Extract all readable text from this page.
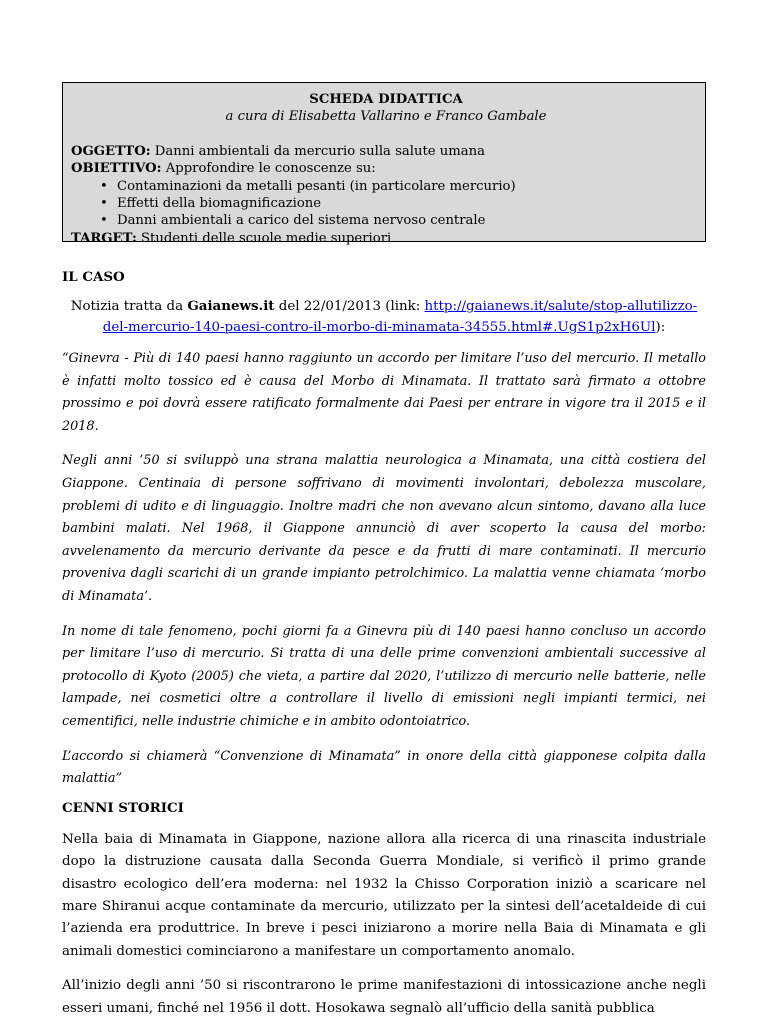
SCHEDA DIDATTICA
a cura di Elisabetta Vallarino e Franco Gambale
OGGETTO: Danni ambientali da mercurio sulla salute umana
OBIETTIVO: Approfondire le conoscenze su:
• Contaminazioni da metalli pesanti (in particolare mercurio)
• Effetti della biomagnificazione
• Danni ambientali a carico del sistema nervoso centrale
TARGET: Studenti delle scuole medie superiori
IL CASO

Notizia tratta da Gaianews.it del 22/01/2013 (link: http://gaianews.it/salute/stop-allutilizzo-del-mercurio-140-paesi-contro-il-morbo-di-minamata-34555.html#.UgS1p2xH6Ul):

“Ginevra - Più di 140 paesi hanno raggiunto un accordo per limitare l’uso del mercurio. Il metallo è infatti molto tossico ed è causa del Morbo di Minamata. Il trattato sarà firmato a ottobre prossimo e poi dovrà essere ratificato formalmente dai Paesi per entrare in vigore tra il 2015 e il 2018.

Negli anni ’50 si sviluppò una strana malattia neurologica a Minamata, una città costiera del Giappone. Centinaia di persone soffrivano di movimenti involontari, debolezza muscolare, problemi di udito e di linguaggio. Inoltre madri che non avevano alcun sintomo, davano alla luce bambini malati. Nel 1968, il Giappone annunciò di aver scoperto la causa del morbo: avvelenamento da mercurio derivante da pesce e da frutti di mare contaminati. Il mercurio proveniva dagli scarichi di un grande impianto petrolchimico. La malattia venne chiamata ‘morbo di Minamata’.

In nome di tale fenomeno, pochi giorni fa a Ginevra più di 140 paesi hanno concluso un accordo per limitare l’uso di mercurio. Si tratta di una delle prime convenzioni ambientali successive al protocollo di Kyoto (2005) che vieta, a partire dal 2020, l’utilizzo di mercurio nelle batterie, nelle lampade, nei cosmetici oltre a controllare il livello di emissioni negli impianti termici, nei cementifici, nelle industrie chimiche e in ambito odontoiatrico.

L’accordo si chiamerà “Convenzione di Minamata” in onore della città giapponese colpita dalla malattia”

CENNI STORICI

Nella baia di Minamata in Giappone, nazione allora alla ricerca di una rinascita industriale dopo la distruzione causata dalla Seconda Guerra Mondiale, si verificò il primo grande disastro ecologico dell’era moderna: nel 1932 la Chisso Corporation iniziò a scaricare nel mare Shiranui acque contaminate da mercurio, utilizzato per la sintesi dell’acetaldeide di cui l’azienda era produttrice. In breve i pesci iniziarono a morire nella Baia di Minamata e gli animali domestici cominciarono a manifestare un comportamento anomalo.

All’inizio degli anni ’50 si riscontrarono le prime manifestazioni di intossicazione anche negli esseri umani, finché nel 1956 il dott. Hosokawa segnalò all’ufficio della sanità pubblica
